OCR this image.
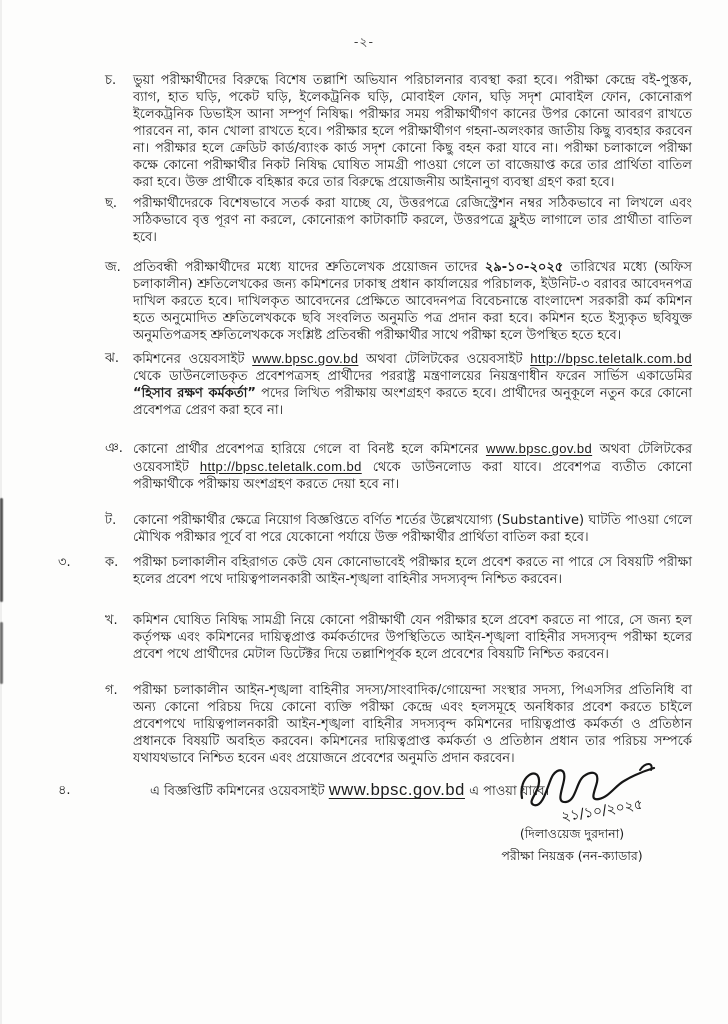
-২-
চ.	ভুয়া পরীক্ষার্থীদের বিরুদ্ধে বিশেষ তল্লাশি অভিযান পরিচালনার ব্যবস্থা করা হবে। পরীক্ষা কেন্দ্রে বই-পুস্তক, ব্যাগ, হাত ঘড়ি, পকেট ঘড়ি, ইলেকট্রনিক ঘড়ি, মোবাইল ফোন, ঘড়ি সদৃশ মোবাইল ফোন, কোনোরূপ ইলেকট্রনিক ডিভাইস আনা সম্পূর্ণ নিষিদ্ধ। পরীক্ষার সময় পরীক্ষার্থীগণ কানের উপর কোনো আবরণ রাখতে পারবেন না, কান খোলা রাখতে হবে। পরীক্ষার হলে পরীক্ষার্থীগণ গহনা-অলংকার জাতীয় কিছু ব্যবহার করবেন না। পরীক্ষার হলে ক্রেডিট কার্ড/ব্যাংক কার্ড সদৃশ কোনো কিছু বহন করা যাবে না। পরীক্ষা চলাকালে পরীক্ষা কক্ষে কোনো পরীক্ষার্থীর নিকট নিষিদ্ধ ঘোষিত সামগ্রী পাওয়া গেলে তা বাজেয়াপ্ত করে তার প্রার্থিতা বাতিল করা হবে। উক্ত প্রার্থীকে বহিষ্কার করে তার বিরুদ্ধে প্রয়োজনীয় আইনানুগ ব্যবস্থা গ্রহণ করা হবে।
ছ.	পরীক্ষার্থীদেরকে বিশেষভাবে সতর্ক করা যাচ্ছে যে, উত্তরপত্রে রেজিস্ট্রেশন নম্বর সঠিকভাবে না লিখলে এবং সঠিকভাবে বৃত্ত পূরণ না করলে, কোনোরূপ কাটাকাটি করলে, উত্তরপত্রে ফ্লুইড লাগালে তার প্রার্থীতা বাতিল হবে।
জ. প্রতিবন্ধী পরীক্ষার্থীদের মধ্যে যাদের শ্রুতিলেখক প্রয়োজন তাদের ২৯-১০-২০২৫ তারিখের মধ্যে (অফিস চলাকালীন) শ্রুতিলেখকের জন্য কমিশনের ঢাকাস্থ প্রধান কার্যালয়ের পরিচালক, ইউনিট-৩ বরাবর আবেদনপত্র দাখিল করতে হবে। দাখিলকৃত আবেদনের প্রেক্ষিতে আবেদনপত্র বিবেচনান্তে বাংলাদেশ সরকারী কর্ম কমিশন হতে অনুমোদিত শ্রুতিলেখককে ছবি সংবলিত অনুমতি পত্র প্রদান করা হবে। কমিশন হতে ইস্যুকৃত ছবিযুক্ত অনুমতিপত্রসহ শ্রুতিলেখককে সংশ্লিষ্ট প্রতিবন্ধী পরীক্ষার্থীর সাথে পরীক্ষা হলে উপস্থিত হতে হবে।
ঝ.	কমিশনের ওয়েবসাইট www.bpsc.gov.bd অথবা টেলিটকের ওয়েবসাইট http://bpsc.teletalk.com.bd থেকে ডাউনলোডকৃত প্রবেশপত্রসহ প্রার্থীদের পররাষ্ট্র মন্ত্রণালয়ের নিয়ন্ত্রণাধীন ফরেন সার্ভিস একাডেমির “হিসাব রক্ষণ কর্মকর্তা” পদের লিখিত পরীক্ষায় অংশগ্রহণ করতে হবে। প্রার্থীদের অনুকূলে নতুন করে কোনো প্রবেশপত্র প্রেরণ করা হবে না।
ঞ. কোনো প্রার্থীর প্রবেশপত্র হারিয়ে গেলে বা বিনষ্ট হলে কমিশনের www.bpsc.gov.bd অথবা টেলিটকের ওয়েবসাইট http://bpsc.teletalk.com.bd থেকে ডাউনলোড করা যাবে। প্রবেশপত্র ব্যতীত কোনো পরীক্ষার্থীকে পরীক্ষায় অংশগ্রহণ করতে দেয়া হবে না।
ট.	কোনো পরীক্ষার্থীর ক্ষেত্রে নিয়োগ বিজ্ঞপ্তিতে বর্ণিত শর্তের উল্লেখযোগ্য (Substantive) ঘাটতি পাওয়া গেলে মৌখিক পরীক্ষার পূর্বে বা পরে যেকোনো পর্যায়ে উক্ত পরীক্ষার্থীর প্রার্থিতা বাতিল করা হবে।
৩.	ক.	পরীক্ষা চলাকালীন বহিরাগত কেউ যেন কোনোভাবেই পরীক্ষার হলে প্রবেশ করতে না পারে সে বিষয়টি পরীক্ষা হলের প্রবেশ পথে দায়িত্বপালনকারী আইন-শৃঙ্খলা বাহিনীর সদস্যবৃন্দ নিশ্চিত করবেন।
খ.	কমিশন ঘোষিত নিষিদ্ধ সামগ্রী নিয়ে কোনো পরীক্ষার্থী যেন পরীক্ষার হলে প্রবেশ করতে না পারে, সে জন্য হল কর্তৃপক্ষ এবং কমিশনের দায়িত্বপ্রাপ্ত কর্মকর্তাদের উপস্থিতিতে আইন-শৃঙ্খলা বাহিনীর সদস্যবৃন্দ পরীক্ষা হলের প্রবেশ পথে প্রার্থীদের মেটাল ডিটেক্টর দিয়ে তল্লাশিপূর্বক হলে প্রবেশের বিষয়টি নিশ্চিত করবেন।
গ.	পরীক্ষা চলাকালীন আইন-শৃঙ্খলা বাহিনীর সদস্য/সাংবাদিক/গোয়েন্দা সংস্থার সদস্য, পিএসসির প্রতিনিধি বা অন্য কোনো পরিচয় দিয়ে কোনো ব্যক্তি পরীক্ষা কেন্দ্রে এবং হলসমূহে অনধিকার প্রবেশ করতে চাইলে প্রবেশপথে দায়িত্বপালনকারী আইন-শৃঙ্খলা বাহিনীর সদস্যবৃন্দ কমিশনের দায়িত্বপ্রাপ্ত কর্মকর্তা ও প্রতিষ্ঠান প্রধানকে বিষয়টি অবহিত করবেন। কমিশনের দায়িত্বপ্রাপ্ত কর্মকর্তা ও প্রতিষ্ঠান প্রধান তার পরিচয় সম্পর্কে যথাযথভাবে নিশ্চিত হবেন এবং প্রয়োজনে প্রবেশের অনুমতি প্রদান করবেন।
৪.	এ বিজ্ঞপ্তিটি কমিশনের ওয়েবসাইট www.bpsc.gov.bd এ পাওয়া যাবে।
২১/১০/২০২৫
(দিলাওয়েজ দুরদানা)
পরীক্ষা নিয়ন্ত্রক (নন-ক্যাডার)
